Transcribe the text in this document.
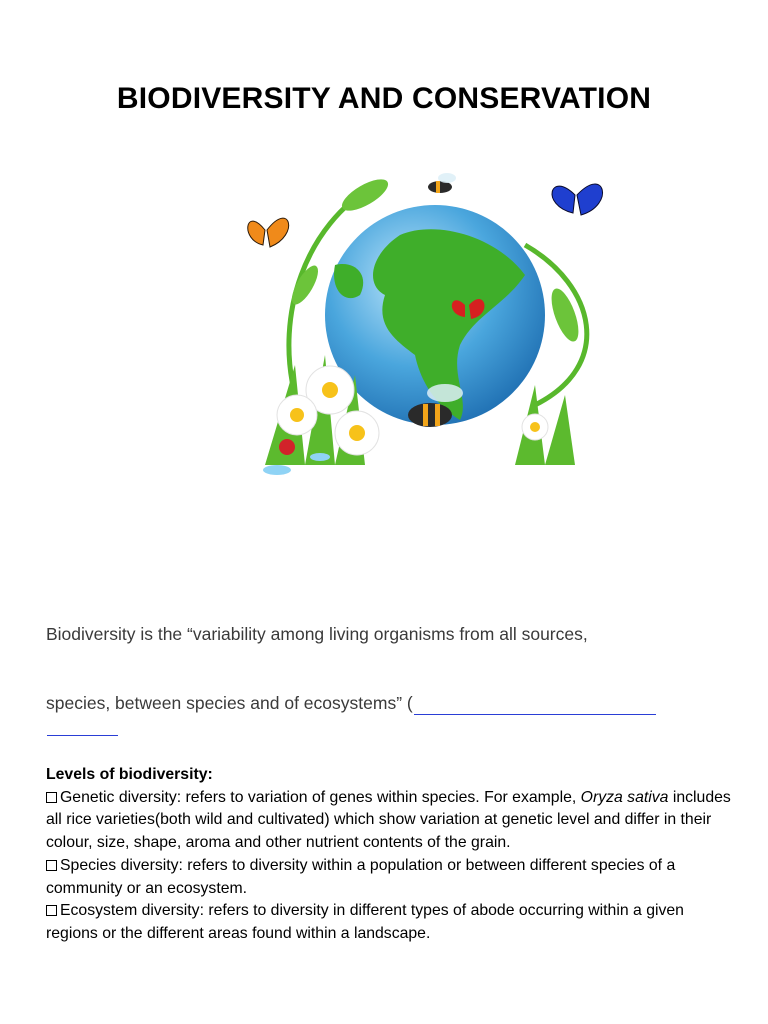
BIODIVERSITY AND CONSERVATION
Biodiversity is the “variability among living organisms from all sources,
species, between species and of ecosystems” (

Levels of biodiversity:

Genetic diversity: refers to variation of genes within species. For example, Oryza sativa includes all rice varieties(both wild and cultivated) which show variation at genetic level and differ in their colour, size, shape, aroma and other nutrient contents of the grain.

Species diversity: refers to diversity within a population or between different species of a community or an ecosystem.

Ecosystem diversity: refers to diversity in different types of abode occurring within a given regions or the different areas found within a landscape.
